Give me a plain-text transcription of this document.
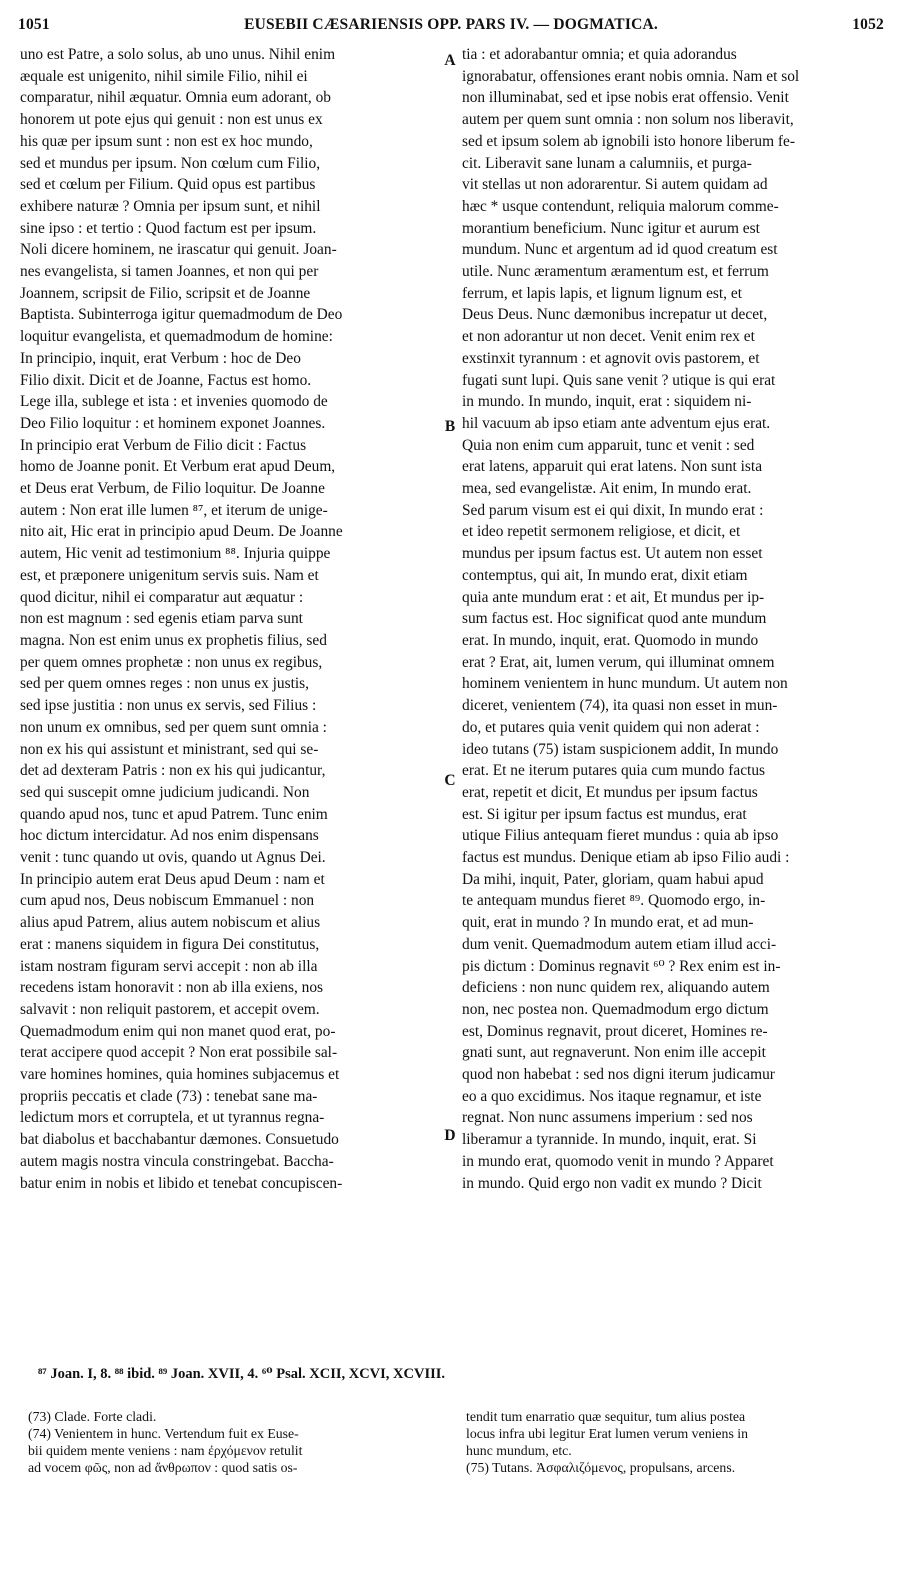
1051	EUSEBII CÆSARIENSIS OPP. PARS IV. — DOGMATICA.	1052
uno est Patre, a solo solus, ab uno unus. Nihil enim
æquale est unigenito, nihil simile Filio, nihil ei
comparatur, nihil æquatur. Omnia eum adorant, ob
honorem ut pote ejus qui genuit : non est unus ex
his quæ per ipsum sunt : non est ex hoc mundo,
sed et mundus per ipsum. Non cœlum cum Filio,
sed et cœlum per Filium. Quid opus est partibus
exhibere naturæ ? Omnia per ipsum sunt, et nihil
sine ipso : et tertio : Quod factum est per ipsum.
Noli dicere hominem, ne irascatur qui genuit. Joan-
nes evangelista, si tamen Joannes, et non qui per
Joannem, scripsit de Filio, scripsit et de Joanne
Baptista. Subinterroga igitur quemadmodum de Deo
loquitur evangelista, et quemadmodum de homine:
In principio, inquit, erat Verbum : hoc de Deo
Filio dixit. Dicit et de Joanne, Factus est homo.
Lege illa, sublege et ista : et invenies quomodo de
Deo Filio loquitur : et hominem exponet Joannes.
In principio erat Verbum de Filio dicit : Factus
homo de Joanne ponit. Et Verbum erat apud Deum,
et Deus erat Verbum, de Filio loquitur. De Joanne
autem : Non erat ille lumen ⁸⁷, et iterum de unige-
nito ait, Hic erat in principio apud Deum. De Joanne
autem, Hic venit ad testimonium ⁸⁸. Injuria quippe
est, et præponere unigenitum servis suis. Nam et
quod dicitur, nihil ei comparatur aut æquatur :
non est magnum : sed egenis etiam parva sunt
magna. Non est enim unus ex prophetis filius, sed
per quem omnes prophetæ : non unus ex regibus,
sed per quem omnes reges : non unus ex justis,
sed ipse justitia : non unus ex servis, sed Filius :
non unum ex omnibus, sed per quem sunt omnia :
non ex his qui assistunt et ministrant, sed qui se-
det ad dexteram Patris : non ex his qui judicantur,
sed qui suscepit omne judicium judicandi. Non
quando apud nos, tunc et apud Patrem. Tunc enim
hoc dictum intercidatur. Ad nos enim dispensans
venit : tunc quando ut ovis, quando ut Agnus Dei.
In principio autem erat Deus apud Deum : nam et
cum apud nos, Deus nobiscum Emmanuel : non
alius apud Patrem, alius autem nobiscum et alius
erat : manens siquidem in figura Dei constitutus,
istam nostram figuram servi accepit : non ab illa
recedens istam honoravit : non ab illa exiens, nos
salvavit : non reliquit pastorem, et accepit ovem.
Quemadmodum enim qui non manet quod erat, po-
terat accipere quod accepit ? Non erat possibile sal-
vare homines homines, quia homines subjacemus et
propriis peccatis et clade (73) : tenebat sane ma-
ledictum mors et corruptela, et ut tyrannus regna-
bat diabolus et bacchabantur dæmones. Consuetudo
autem magis nostra vincula constringebat. Baccha-
batur enim in nobis et libido et tenebat concupiscen-
tia : et adorabantur omnia; et quia adorandus
ignorabatur, offensiones erant nobis omnia. Nam et sol
non illuminabat, sed et ipse nobis erat offensio. Venit
autem per quem sunt omnia : non solum nos liberavit,
sed et ipsum solem ab ignobili isto honore liberum fe-
cit. Liberavit sane lunam a calumniis, et purga-
vit stellas ut non adorarentur. Si autem quidam ad
hæc * usque contendunt, reliquia malorum comme-
morantium beneficium. Nunc igitur et aurum est
mundum. Nunc et argentum ad id quod creatum est
utile. Nunc æramentum æramentum est, et ferrum
ferrum, et lapis lapis, et lignum lignum est, et
Deus Deus. Nunc dæmonibus increpatur ut decet,
et non adorantur ut non decet. Venit enim rex et
exstinxit tyrannum : et agnovit ovis pastorem, et
fugati sunt lupi. Quis sane venit ? utique is qui erat
in mundo. In mundo, inquit, erat : siquidem ni-
hil vacuum ab ipso etiam ante adventum ejus erat.
Quia non enim cum apparuit, tunc et venit : sed
erat latens, apparuit qui erat latens. Non sunt ista
mea, sed evangelistæ. Ait enim, In mundo erat.
Sed parum visum est ei qui dixit, In mundo erat :
et ideo repetit sermonem religiose, et dicit, et
mundus per ipsum factus est. Ut autem non esset
contemptus, qui ait, In mundo erat, dixit etiam
quia ante mundum erat : et ait, Et mundus per ip-
sum factus est. Hoc significat quod ante mundum
erat. In mundo, inquit, erat. Quomodo in mundo
erat ? Erat, ait, lumen verum, qui illuminat omnem
hominem venientem in hunc mundum. Ut autem non
diceret, venientem (74), ita quasi non esset in mun-
do, et putares quia venit quidem qui non aderat :
ideo tutans (75) istam suspicionem addit, In mundo
erat. Et ne iterum putares quia cum mundo factus
erat, repetit et dicit, Et mundus per ipsum factus
est. Si igitur per ipsum factus est mundus, erat
utique Filius antequam fieret mundus : quia ab ipso
factus est mundus. Denique etiam ab ipso Filio audi :
Da mihi, inquit, Pater, gloriam, quam habui apud
te antequam mundus fieret ⁸⁹. Quomodo ergo, in-
quit, erat in mundo ? In mundo erat, et ad mun-
dum venit. Quemadmodum autem etiam illud acci-
pis dictum : Dominus regnavit ⁶⁰ ? Rex enim est in-
deficiens : non nunc quidem rex, aliquando autem
non, nec postea non. Quemadmodum ergo dictum
est, Dominus regnavit, prout diceret, Homines re-
gnati sunt, aut regnaverunt. Non enim ille accepit
quod non habebat : sed nos digni iterum judicamur
eo a quo excidimus. Nos itaque regnamur, et iste
regnat. Non nunc assumens imperium : sed nos
liberamur a tyrannide. In mundo, inquit, erat. Si
in mundo erat, quomodo venit in mundo ? Apparet
in mundo. Quid ergo non vadit ex mundo ? Dicit
A
B
C
D
⁸⁷ Joan. I, 8. ⁸⁸ ibid. ⁸⁹ Joan. XVII, 4. ⁶⁰ Psal. XCII, XCVI, XCVIII.
(73) Clade. Forte cladi.
(74) Venientem in hunc. Vertendum fuit ex Euse-
bii quidem mente veniens : nam ἐρχόμενον retulit
ad vocem φῶς, non ad ἄνθρωπον : quod satis os-
tendit tum enarratio quæ sequitur, tum alius postea
locus infra ubi legitur Erat lumen verum veniens in
hunc mundum, etc.
(75) Tutans. Ἀσφαλιζόμενος, propulsans, arcens.
